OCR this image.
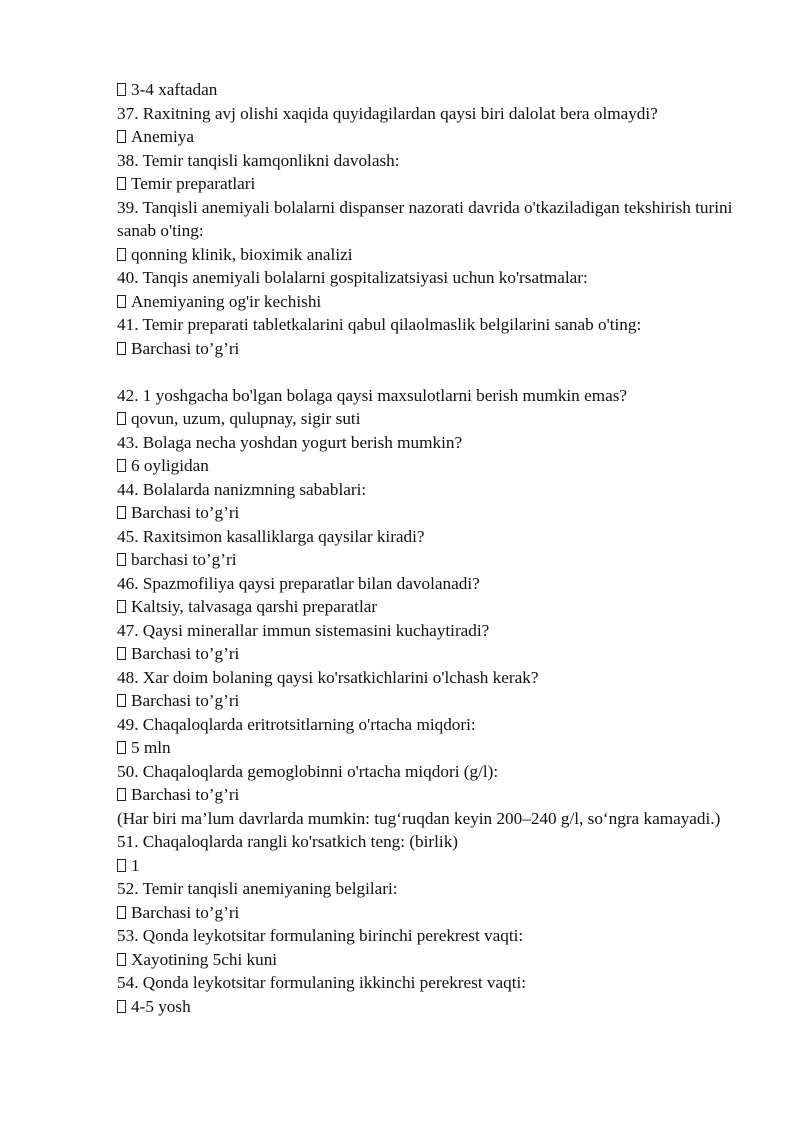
3-4 xaftadan
37. Raxitning avj olishi xaqida quyidagilardan qaysi biri dalolat bera olmaydi?
Anemiya
38. Temir tanqisli kamqonlikni davolash:
Temir preparatlari
39. Tanqisli anemiyali bolalarni dispanser nazorati davrida o'tkaziladigan tekshirish turini sanab o'ting:
qonning klinik, bioximik analizi
40. Tanqis anemiyali bolalarni gospitalizatsiyasi uchun ko'rsatmalar:
Anemiyaning og'ir kechishi
41. Temir preparati tabletkalarini qabul qilaolmaslik belgilarini sanab o'ting:
Barchasi to’g’ri
42. 1 yoshgacha bo'lgan bolaga qaysi maxsulotlarni berish mumkin emas?
qovun, uzum, qulupnay, sigir suti
43. Bolaga necha yoshdan yogurt berish mumkin?
6 oyligidan
44. Bolalarda nanizmning sabablari:
Barchasi to’g’ri
45. Raxitsimon kasalliklarga qaysilar kiradi?
barchasi to’g’ri
46. Spazmofiliya qaysi preparatlar bilan davolanadi?
Kaltsiy, talvasaga qarshi preparatlar
47. Qaysi minerallar immun sistemasini kuchaytiradi?
Barchasi to’g’ri
48. Xar doim bolaning qaysi ko'rsatkichlarini o'lchash kerak?
Barchasi to’g’ri
49. Chaqaloqlarda eritrotsitlarning o'rtacha miqdori:
5 mln
50. Chaqaloqlarda gemoglobinni o'rtacha miqdori (g/l):
Barchasi to’g’ri
(Har biri ma’lum davrlarda mumkin: tug‘ruqdan keyin 200–240 g/l, so‘ngra kamayadi.)
51. Chaqaloqlarda rangli ko'rsatkich teng: (birlik)
1
52. Temir tanqisli anemiyaning belgilari:
Barchasi to’g’ri
53. Qonda leykotsitar formulaning birinchi perekrest vaqti:
Xayotining 5chi kuni
54. Qonda leykotsitar formulaning ikkinchi perekrest vaqti:
4-5 yosh
